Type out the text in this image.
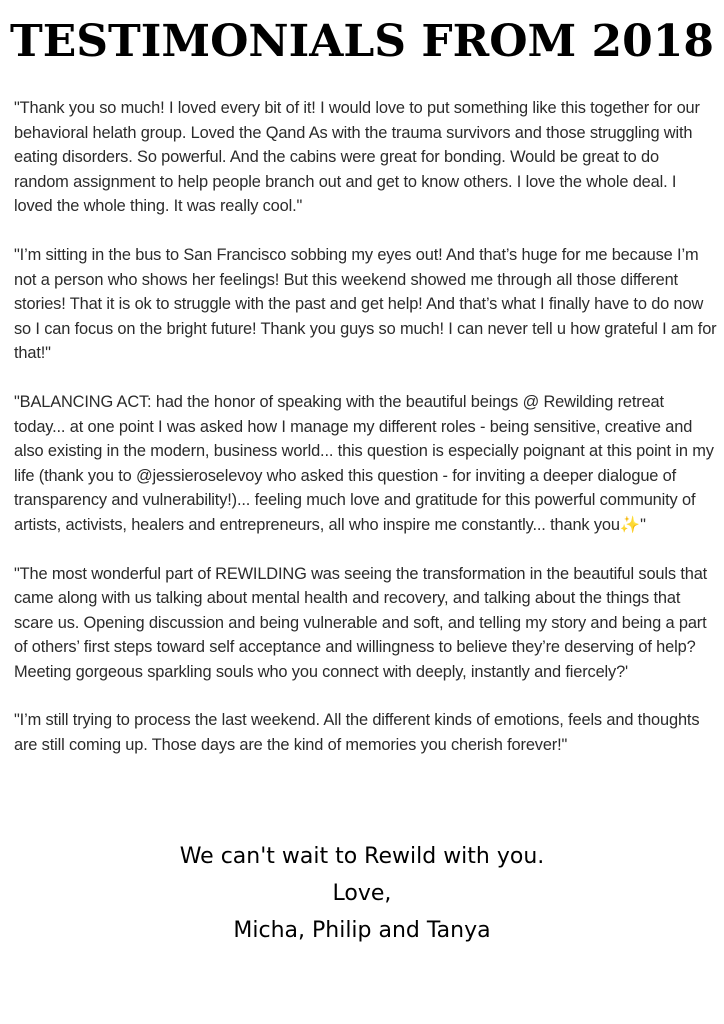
TESTIMONIALS FROM 2018

"Thank you so much! I loved every bit of it! I would love to put something like this together for our behavioral helath group. Loved the Qand As with the trauma survivors and those struggling with eating disorders. So powerful. And the cabins were great for bonding. Would be great to do random assignment to help people branch out and get to know others. I love the whole deal. I loved the whole thing. It was really cool."

"I’m sitting in the bus to San Francisco sobbing my eyes out! And that’s huge for me because I’m not a person who shows her feelings! But this weekend showed me through all those different stories! That it is ok to struggle with the past and get help! And that’s what I finally have to do now so I can focus on the bright future! Thank you guys so much! I can never tell u how grateful I am for that!"

"BALANCING ACT: had the honor of speaking with the beautiful beings @ Rewilding retreat today... at one point I was asked how I manage my different roles - being sensitive, creative and also existing in the modern, business world... this question is especially poignant at this point in my life (thank you to @jessieroselevoy who asked this question - for inviting a deeper dialogue of transparency and vulnerability!)... feeling much love and gratitude for this powerful community of artists, activists, healers and entrepreneurs, all who inspire me constantly... thank you✨"

"The most wonderful part of REWILDING was seeing the transformation in the beautiful souls that came along with us talking about mental health and recovery, and talking about the things that scare us. Opening discussion and being vulnerable and soft, and telling my story and being a part of others’ first steps toward self acceptance and willingness to believe they’re deserving of help? Meeting gorgeous sparkling souls who you connect with deeply, instantly and fiercely?'

"I’m still trying to process the last weekend. All the different kinds of emotions, feels and thoughts are still coming up. Those days are the kind of memories you cherish forever!"

We can't wait to Rewild with you.
Love,
Micha, Philip and Tanya
